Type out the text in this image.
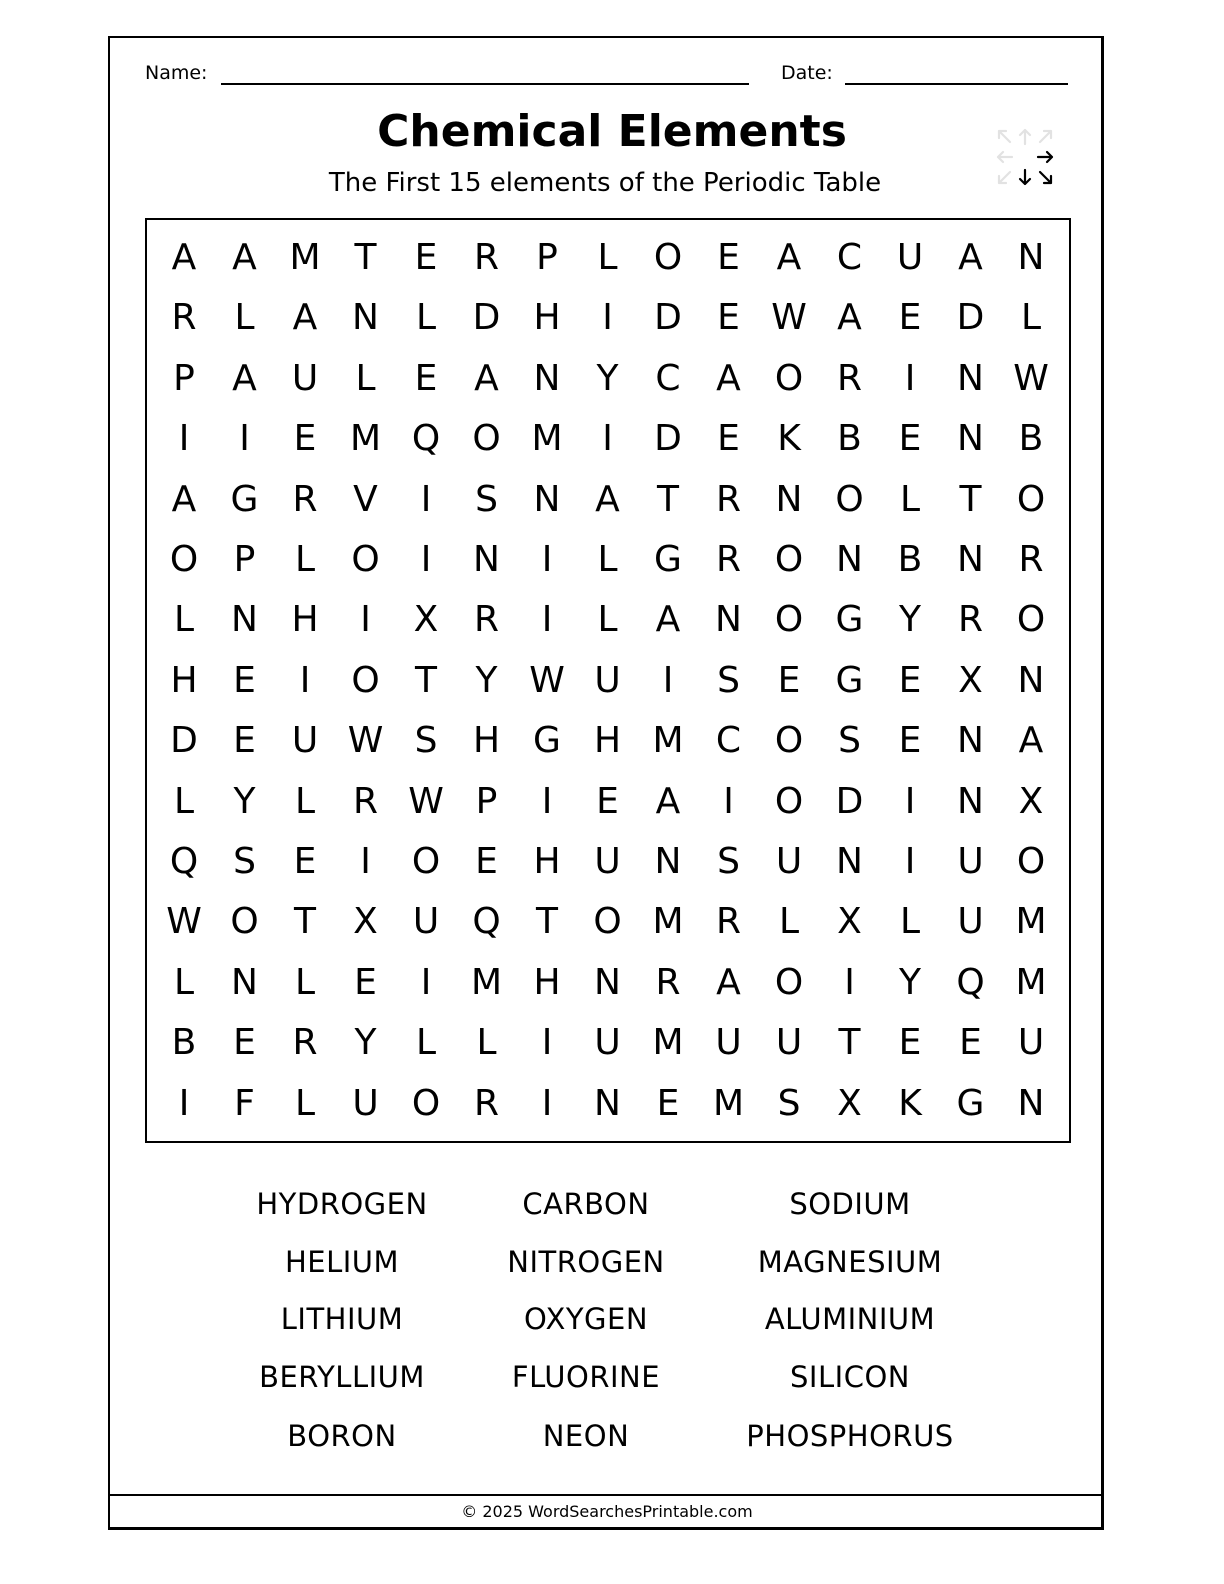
Name:	Date:
Chemical Elements
The First 15 elements of the Periodic Table
A A M T	E	R	P	L	O E	A C U A N
R	L	A N	L	D H	I	D E W A	E D	L
P	A U	L	E	A N	Y	C A O R	I	N W
I	I	E M Q O M	I	D E	K	B	E N B
A G R V	I	S N A	T	R N O	L	T O
O P	L	O	I	N	I	L	G R O N B N R
L	N H	I	X R	I	L	A N O G Y	R O
H E	I	O T	Y W U	I	S	E G E	X N
D E U W S H G H M C O S	E N A
L	Y	L	R W P	I	E	A	I	O D	I	N X
Q S	E	I	O E H U N S U N	I	U O
W O T	X U Q T O M R	L	X	L	U M
L	N	L	E	I	M H N R A O	I	Y Q M
B	E	R	Y	L	L	I	U M U U	T	E	E U
I	F	L	U O R	I	N E M S	X	K G N
HYDROGEN	CARBON	SODIUM
HELIUM	NITROGEN	MAGNESIUM
LITHIUM	OXYGEN	ALUMINIUM
BERYLLIUM	FLUORINE	SILICON
BORON	NEON	PHOSPHORUS
© 2025 WordSearchesPrintable.com
